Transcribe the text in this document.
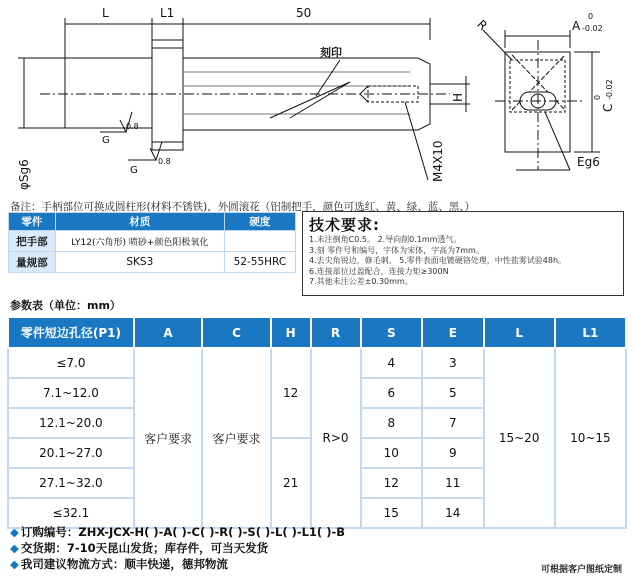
L	L1	50
刻印
G
0.8
G
0.8
φSg6
H
M4X10
R	A
0
-0.02
C
0 -0.02
Eg6
备注：手柄部位可换成圆柱形(材料不锈铁)，外圆滚花（铝制把手，颜色可选红、黄、绿、蓝、黑、）
零件	材质	硬度
把手部	LY12(六角形) 喷砂+颜色阳极氧化	
量规部	SKS3	52-55HRC
技术要求:
1.未注倒角C0.5。 2.导向削0.1mm透气。
3.刻 零件号和编号，字体为宋体，字高为7mm。
4.去尖角锐边，修毛刺。 5.零件表面电镀硬铬处理，中性盐雾试验48h。
6.连接部位过盈配合，连接力矩≥300N
7.其他未注公差±0.30mm。
参数表（单位：mm）
零件短边孔径(P1)	A	C	H	R	S	E	L	L1
≤7.0	客户要求	客户要求	12	R>0	4	3	15~20	10~15
7.1~12.0					6	5		
12.1~20.0					8	7		
20.1~27.0			21		10	9		
27.1~32.0					12	11		
≤32.1					15	14		
◆ 订购编号：ZHX-JCX-H( )-A( )-C( )-R( )-S( )-L( )-L1( )-B
◆ 交货期：7-10天昆山发货；库存件，可当天发货
◆ 我司建议物流方式：顺丰快递，德邦物流	可根据客户图纸定制
